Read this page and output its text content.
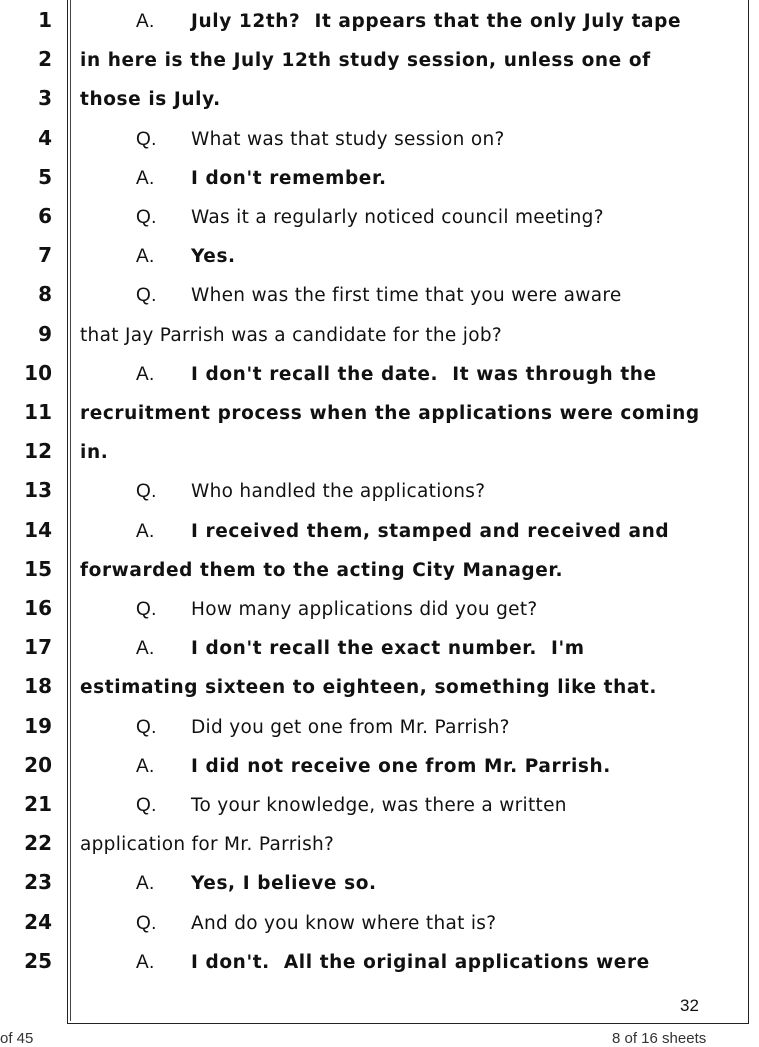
1	A. July 12th?  It appears that the only July tape
2 in here is the July 12th study session, unless one of
3 those is July.
4	Q. What was that study session on?
5	A. I don't remember.
6	Q. Was it a regularly noticed council meeting?
7	A. Yes.
8	Q. When was the first time that you were aware
9 that Jay Parrish was a candidate for the job?
10	A. I don't recall the date.  It was through the
11 recruitment process when the applications were coming
12 in.
13	Q. Who handled the applications?
14	A. I received them, stamped and received and
15 forwarded them to the acting City Manager.
16	Q. How many applications did you get?
17	A. I don't recall the exact number.  I'm
18 estimating sixteen to eighteen, something like that.
19	Q. Did you get one from Mr. Parrish?
20	A. I did not receive one from Mr. Parrish.
21	Q. To your knowledge, was there a written
22 application for Mr. Parrish?
23	A. Yes, I believe so.
24	Q. And do you know where that is?
25	A. I don't.  All the original applications were
32
of 45	8 of 16 sheets
